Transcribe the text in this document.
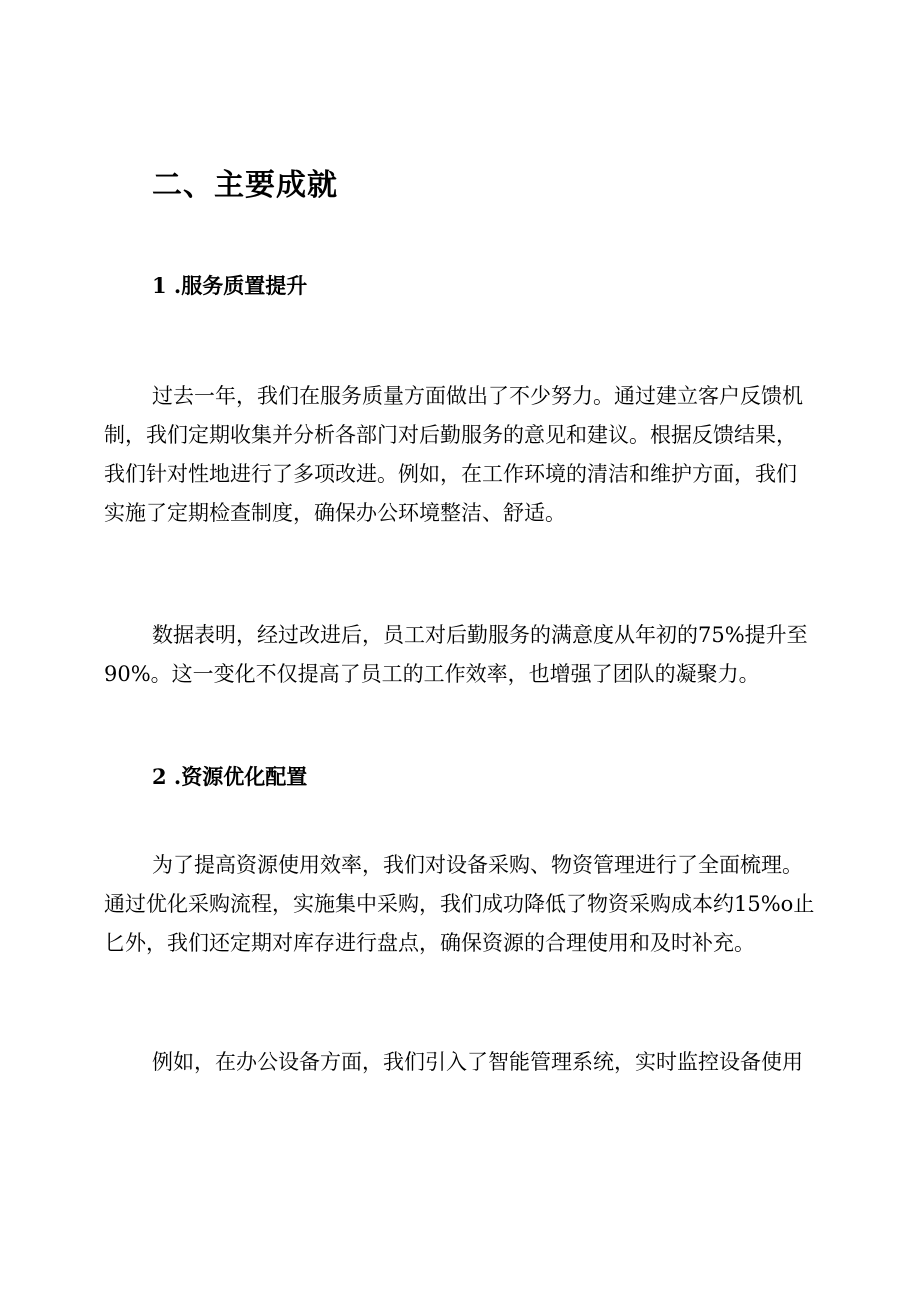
二、主要成就
1 .服务质置提升

过去一年，我们在服务质量方面做出了不少努力。通过建立客户反馈机
制，我们定期收集并分析各部门对后勤服务的意见和建议。根据反馈结果，
我们针对性地进行了多项改进。例如，在工作环境的清洁和维护方面，我们
实施了定期检查制度，确保办公环境整洁、舒适。

数据表明，经过改进后，员工对后勤服务的满意度从年初的75%提升至
90%。这一变化不仅提高了员工的工作效率，也增强了团队的凝聚力。

2 .资源优化配置

为了提高资源使用效率，我们对设备采购、物资管理进行了全面梳理。
通过优化采购流程，实施集中采购，我们成功降低了物资采购成本约15%o止
匕外，我们还定期对库存进行盘点，确保资源的合理使用和及时补充。

例如，在办公设备方面，我们引入了智能管理系统，实时监控设备使用
